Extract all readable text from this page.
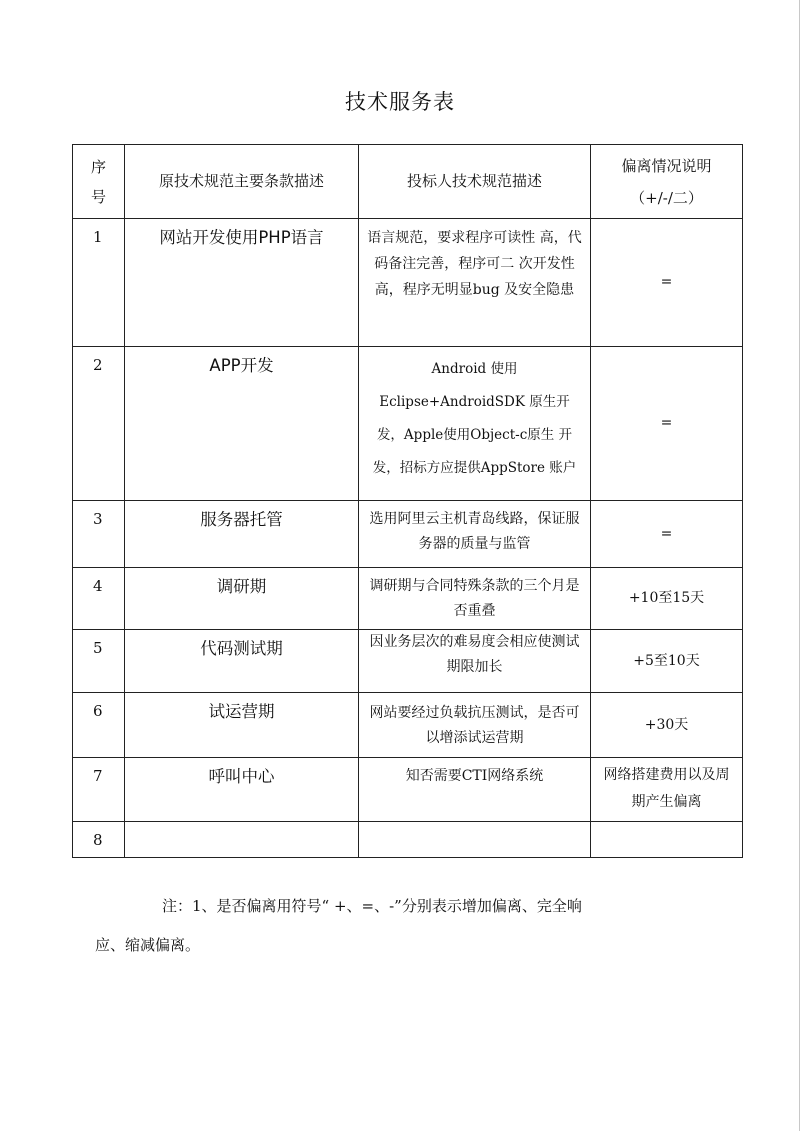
技术服务表
序号	原技术规范主要条款描述	投标人技术规范描述	偏离情况说明
（+/-/二）

1	网站开发使用PHP语言	语言规范，要求程序可读性 高，代码备注完善，程序可二 次开发性高，程序无明显bug 及安全隐患	=
2	APP开发	Android 使用Eclipse+AndroidSDK 原生开 发，Apple使用Object-c原生 开发，招标方应提供AppStore 账户	=
3	服务器托管	选用阿里云主机青岛线路，保证服务器的质量与监管	=
4	调研期	调研期与合同特殊条款的三个月是否重叠	+10至15天
5	代码测试期	因业务层次的难易度会相应使测试期限加长	+5至10天
6	试运营期	网站要经过负载抗压测试，是否可以增添试运营期	+30天
7	呼叫中心	知否需要CTI网络系统	网络搭建费用以及周期产生偏离
8			
注：1、是否偏离用符号“ +、=、-”分别表示增加偏离、完全响
应、缩减偏离。
